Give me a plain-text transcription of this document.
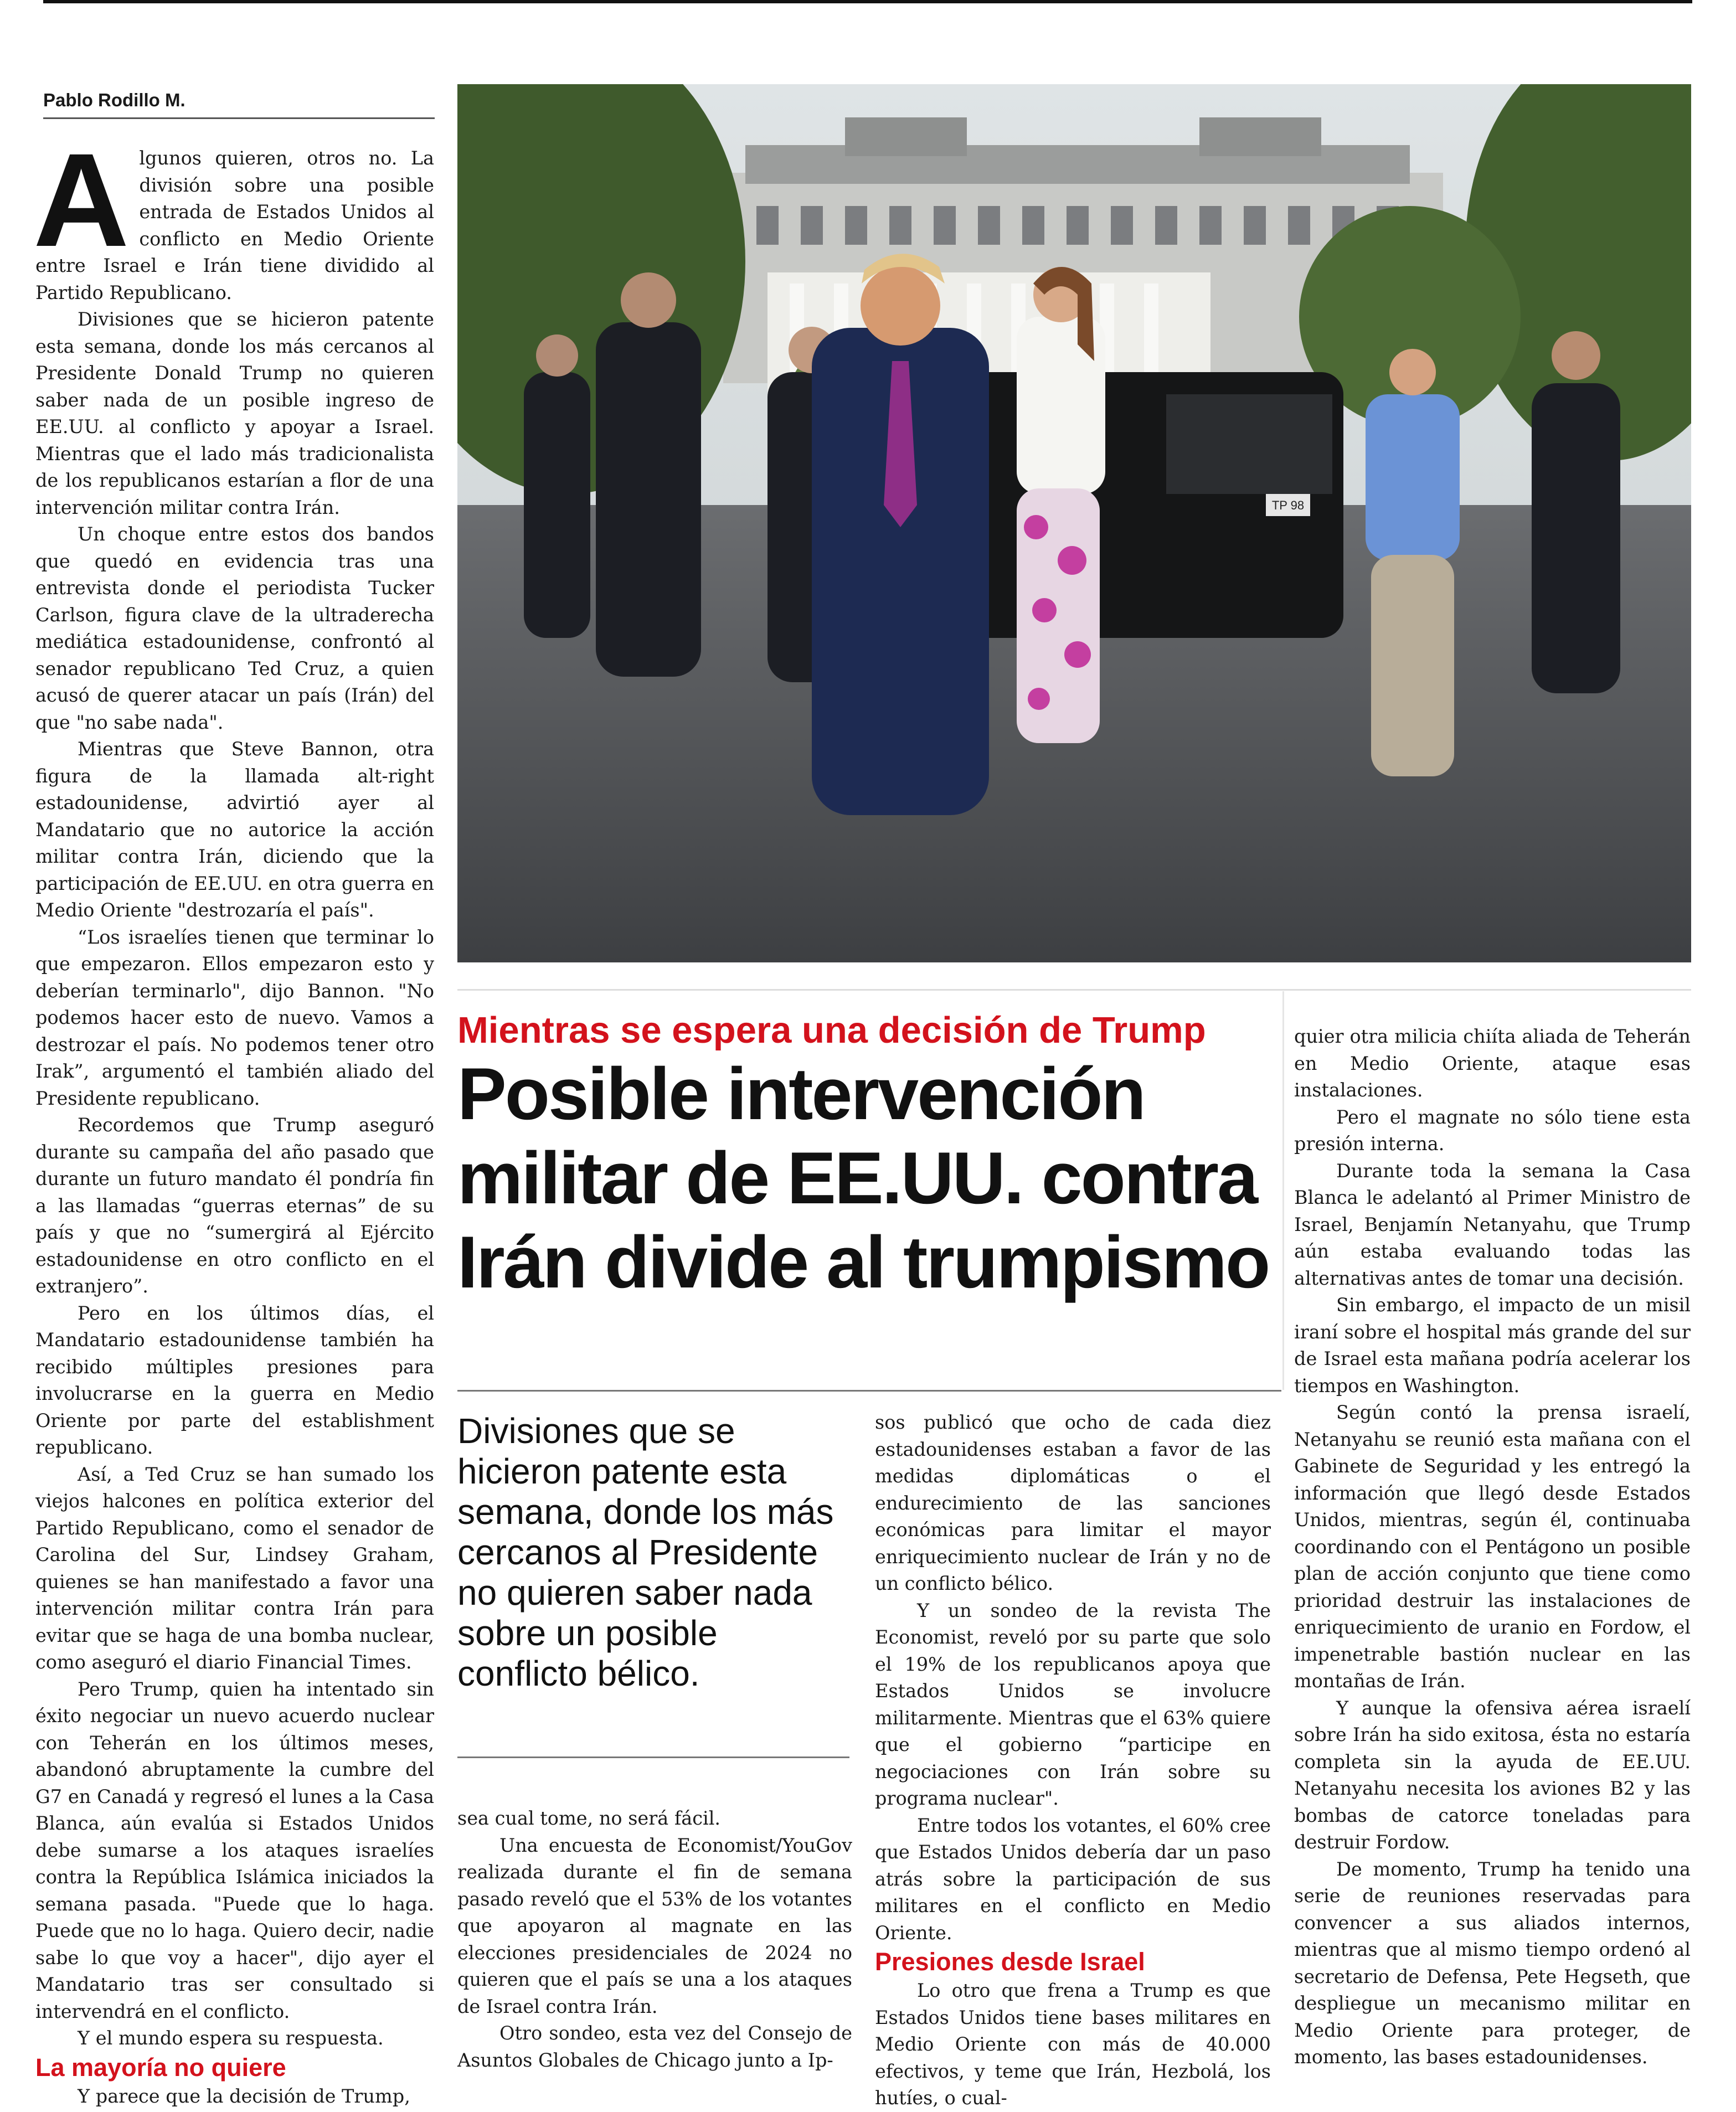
Pablo Rodillo M.

Algunos quieren, otros no. La división sobre una posible entrada de Estados Unidos al conflicto en Medio Oriente entre Israel e Irán tiene dividido al Partido Republicano.

Divisiones que se hicieron patente esta semana, donde los más cercanos al Presidente Donald Trump no quieren saber nada de un posible ingreso de EE.UU. al conflicto y apoyar a Israel. Mientras que el lado más tradicionalista de los republicanos estarían a flor de una intervención militar contra Irán.

Un choque entre estos dos bandos que quedó en evidencia tras una entrevista donde el periodista Tucker Carlson, figura clave de la ultraderecha mediática estadounidense, confrontó al senador republicano Ted Cruz, a quien acusó de querer atacar un país (Irán) del que "no sabe nada".

Mientras que Steve Bannon, otra figura de la llamada alt-right estadounidense, advirtió ayer al Mandatario que no autorice la acción militar contra Irán, diciendo que la participación de EE.UU. en otra guerra en Medio Oriente "destrozaría el país".

“Los israelíes tienen que terminar lo que empezaron. Ellos empezaron esto y deberían terminarlo", dijo Bannon. "No podemos hacer esto de nuevo. Vamos a destrozar el país. No podemos tener otro Irak”, argumentó el también aliado del Presidente republicano.

Recordemos que Trump aseguró durante su campaña del año pasado que durante un futuro mandato él pondría fin a las llamadas “guerras eternas” de su país y que no “sumergirá al Ejército estadounidense en otro conflicto en el extranjero”.

Pero en los últimos días, el Mandatario estadounidense también ha recibido múltiples presiones para involucrarse en la guerra en Medio Oriente por parte del establishment republicano.

Así, a Ted Cruz se han sumado los viejos halcones en política exterior del Partido Republicano, como el senador de Carolina del Sur, Lindsey Graham, quienes se han manifestado a favor una intervención militar contra Irán para evitar que se haga de una bomba nuclear, como aseguró el diario Financial Times.

Pero Trump, quien ha intentado sin éxito negociar un nuevo acuerdo nuclear con Teherán en los últimos meses, abandonó abruptamente la cumbre del G7 en Canadá y regresó el lunes a la Casa Blanca, aún evalúa si Estados Unidos debe sumarse a los ataques israelíes contra la República Islámica iniciados la semana pasada. "Puede que lo haga. Puede que no lo haga. Quiero decir, nadie sabe lo que voy a hacer", dijo ayer el Mandatario tras ser consultado si intervendrá en el conflicto.

Y el mundo espera su respuesta.

La mayoría no quiere

Y parece que la decisión de Trump,

TP 98
Mientras se espera una decisión de Trump
Posible intervención militar de EE.UU. contra Irán divide al trumpismo
Divisiones que se hicieron patente esta semana, donde los más cercanos al Presidente no quieren saber nada sobre un posible conflicto bélico.

sea cual tome, no será fácil.

Una encuesta de Economist/YouGov realizada durante el fin de semana pasado reveló que el 53% de los votantes que apoyaron al magnate en las elecciones presidenciales de 2024 no quieren que el país se una a los ataques de Israel contra Irán.

Otro sondeo, esta vez del Consejo de Asuntos Globales de Chicago junto a Ip-

sos publicó que ocho de cada diez estadounidenses estaban a favor de las medidas diplomáticas o el endurecimiento de las sanciones económicas para limitar el mayor enriquecimiento nuclear de Irán y no de un conflicto bélico.

Y un sondeo de la revista The Economist, reveló por su parte que solo el 19% de los republicanos apoya que Estados Unidos se involucre militarmente. Mientras que el 63% quiere que el gobierno “participe en negociaciones con Irán sobre su programa nuclear".

Entre todos los votantes, el 60% cree que Estados Unidos debería dar un paso atrás sobre la participación de sus militares en el conflicto en Medio Oriente.

Presiones desde Israel

Lo otro que frena a Trump es que Estados Unidos tiene bases militares en Medio Oriente con más de 40.000 efectivos, y teme que Irán, Hezbolá, los hutíes, o cual-

quier otra milicia chiíta aliada de Teherán en Medio Oriente, ataque esas instalaciones.

Pero el magnate no sólo tiene esta presión interna.

Durante toda la semana la Casa Blanca le adelantó al Primer Ministro de Israel, Benjamín Netanyahu, que Trump aún estaba evaluando todas las alternativas antes de tomar una decisión.

Sin embargo, el impacto de un misil iraní sobre el hospital más grande del sur de Israel esta mañana podría acelerar los tiempos en Washington.

Según contó la prensa israelí, Netanyahu se reunió esta mañana con el Gabinete de Seguridad y les entregó la información que llegó desde Estados Unidos, mientras, según él, continuaba coordinando con el Pentágono un posible plan de acción conjunto que tiene como prioridad destruir las instalaciones de enriquecimiento de uranio en Fordow, el impenetrable bastión nuclear en las montañas de Irán.

Y aunque la ofensiva aérea israelí sobre Irán ha sido exitosa, ésta no estaría completa sin la ayuda de EE.UU. Netanyahu necesita los aviones B2 y las bombas de catorce toneladas para destruir Fordow.

De momento, Trump ha tenido una serie de reuniones reservadas para convencer a sus aliados internos, mientras que al mismo tiempo ordenó al secretario de Defensa, Pete Hegseth, que despliegue un mecanismo militar en Medio Oriente para proteger, de momento, las bases estadounidenses.
